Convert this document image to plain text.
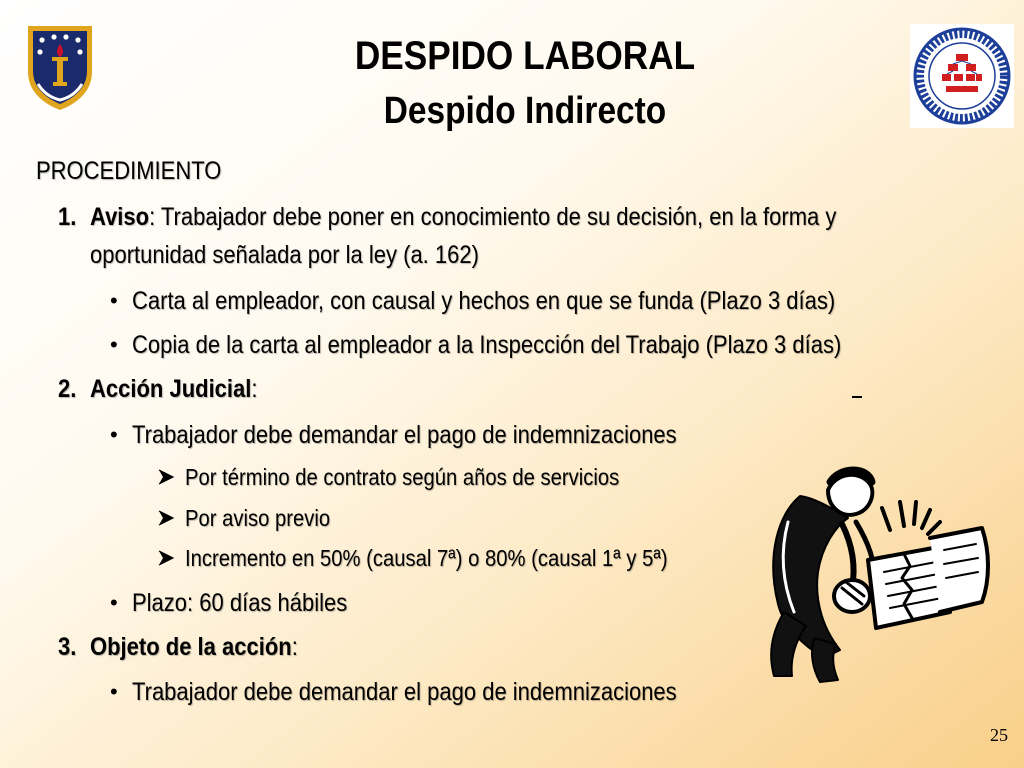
DESPIDO LABORAL
Despido Indirecto
PROCEDIMIENTO
1. Aviso: Trabajador debe poner en conocimiento de su decisión, en la forma y
oportunidad señalada por la ley (a. 162)
• Carta al empleador, con causal y hechos en que se funda (Plazo 3 días)
• Copia de la carta al empleador a la Inspección del Trabajo (Plazo 3 días)
2. Acción Judicial:
• Trabajador debe demandar el pago de indemnizaciones
Por término de contrato según años de servicios
Por aviso previo
Incremento en 50% (causal 7ª) o 80% (causal 1ª y 5ª)
• Plazo: 60 días hábiles
3. Objeto de la acción:
• Trabajador debe demandar el pago de indemnizaciones
25
